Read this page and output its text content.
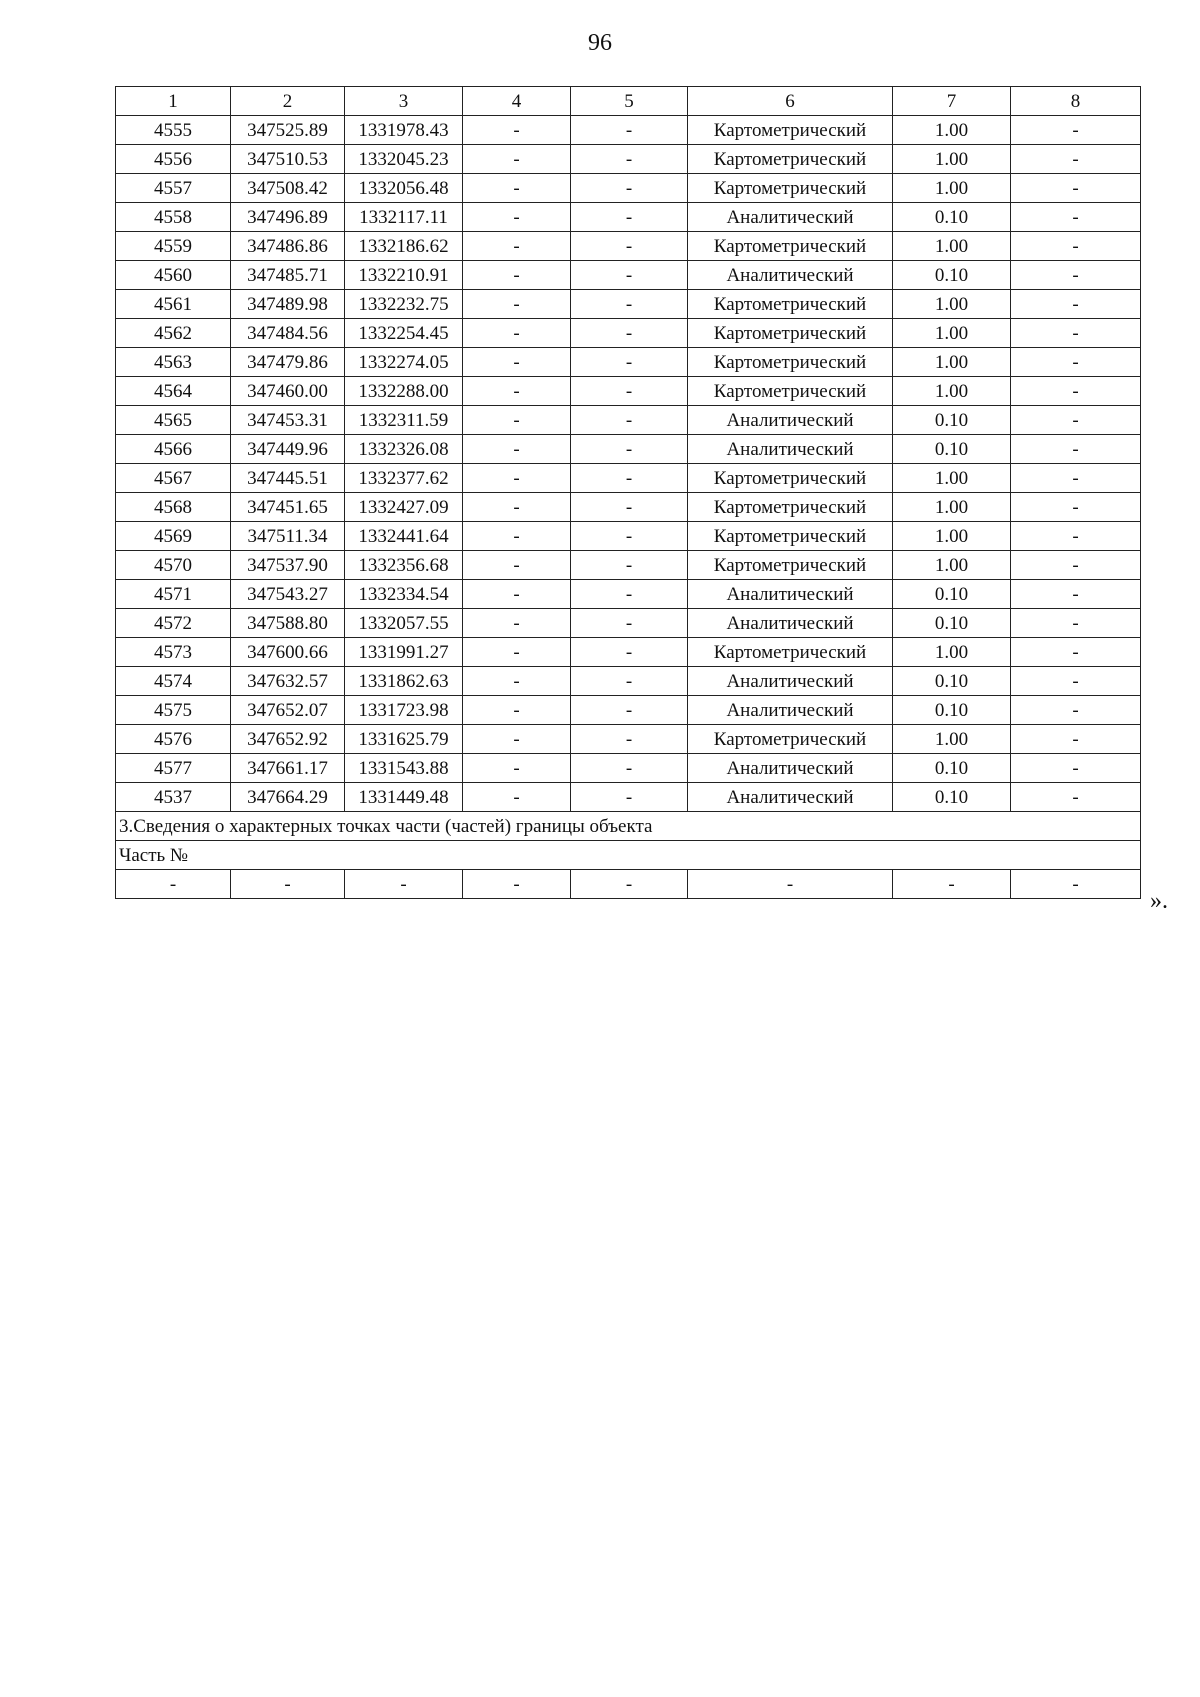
96
1	2	3	4	5	6	7	8
4555	347525.89	1331978.43	-	-	Картометрический	1.00	-
4556	347510.53	1332045.23	-	-	Картометрический	1.00	-
4557	347508.42	1332056.48	-	-	Картометрический	1.00	-
4558	347496.89	1332117.11	-	-	Аналитический	0.10	-
4559	347486.86	1332186.62	-	-	Картометрический	1.00	-
4560	347485.71	1332210.91	-	-	Аналитический	0.10	-
4561	347489.98	1332232.75	-	-	Картометрический	1.00	-
4562	347484.56	1332254.45	-	-	Картометрический	1.00	-
4563	347479.86	1332274.05	-	-	Картометрический	1.00	-
4564	347460.00	1332288.00	-	-	Картометрический	1.00	-
4565	347453.31	1332311.59	-	-	Аналитический	0.10	-
4566	347449.96	1332326.08	-	-	Аналитический	0.10	-
4567	347445.51	1332377.62	-	-	Картометрический	1.00	-
4568	347451.65	1332427.09	-	-	Картометрический	1.00	-
4569	347511.34	1332441.64	-	-	Картометрический	1.00	-
4570	347537.90	1332356.68	-	-	Картометрический	1.00	-
4571	347543.27	1332334.54	-	-	Аналитический	0.10	-
4572	347588.80	1332057.55	-	-	Аналитический	0.10	-
4573	347600.66	1331991.27	-	-	Картометрический	1.00	-
4574	347632.57	1331862.63	-	-	Аналитический	0.10	-
4575	347652.07	1331723.98	-	-	Аналитический	0.10	-
4576	347652.92	1331625.79	-	-	Картометрический	1.00	-
4577	347661.17	1331543.88	-	-	Аналитический	0.10	-
4537	347664.29	1331449.48	-	-	Аналитический	0.10	-
3.Сведения о характерных точках части (частей) границы объекта							
Часть №							
-	-	-	-	-	-	-	-
».
